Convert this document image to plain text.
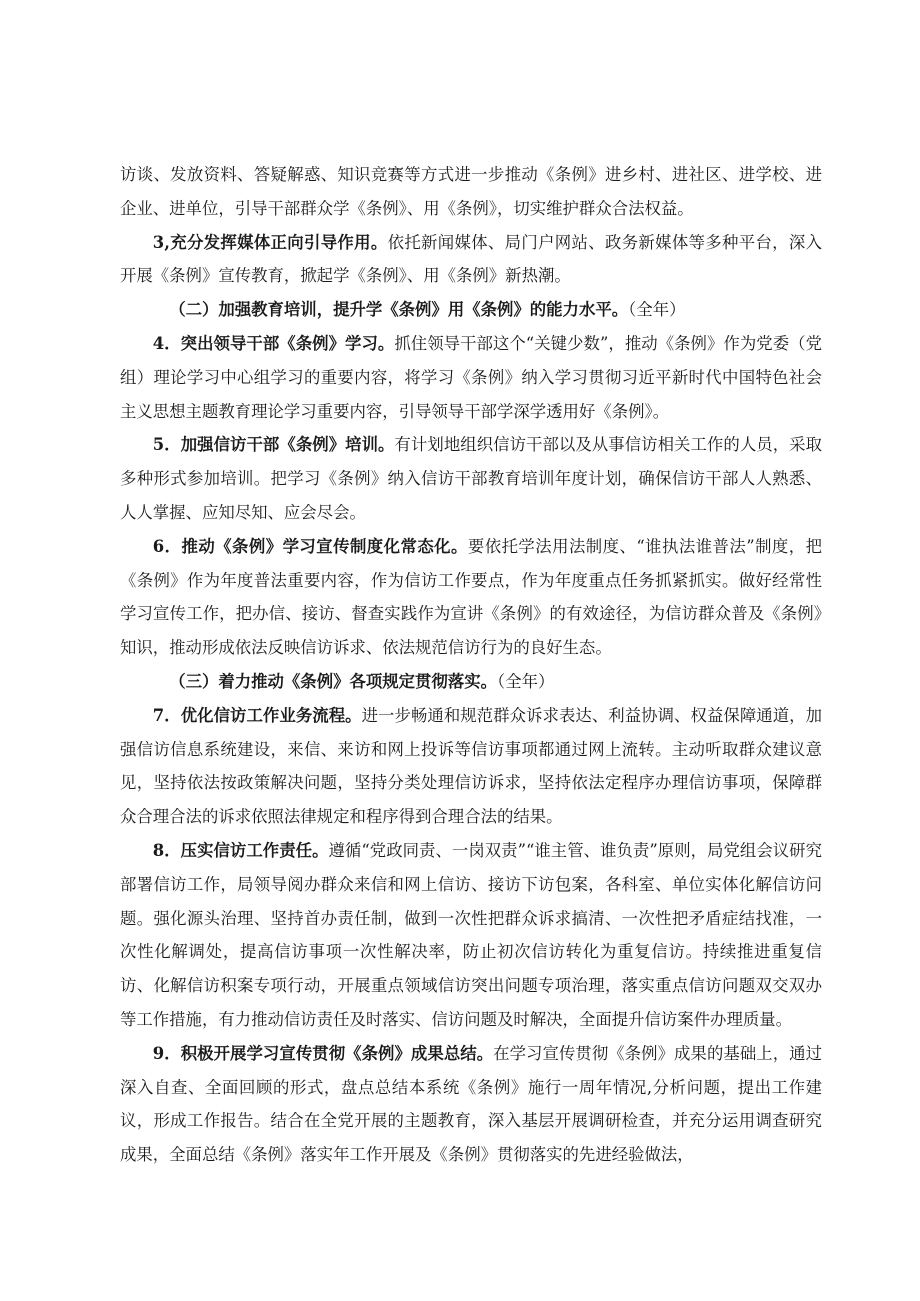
访谈、发放资料、答疑解惑、知识竞赛等方式进一步推动《条例》进乡村、进社区、进学校、进企业、进单位，引导干部群众学《条例》、用《条例》，切实维护群众合法权益。

3,充分发挥媒体正向引导作用。依托新闻媒体、局门户网站、政务新媒体等多种平台，深入开展《条例》宣传教育，掀起学《条例》、用《条例》新热潮。

（二）加强教育培训，提升学《条例》用《条例》的能力水平。（全年）

4．突出领导干部《条例》学习。抓住领导干部这个“关键少数”，推动《条例》作为党委（党组）理论学习中心组学习的重要内容，将学习《条例》纳入学习贯彻习近平新时代中国特色社会主义思想主题教育理论学习重要内容，引导领导干部学深学透用好《条例》。

5．加强信访干部《条例》培训。有计划地组织信访干部以及从事信访相关工作的人员，采取多种形式参加培训。把学习《条例》纳入信访干部教育培训年度计划，确保信访干部人人熟悉、人人掌握、应知尽知、应会尽会。

6．推动《条例》学习宣传制度化常态化。要依托学法用法制度、“谁执法谁普法”制度，把《条例》作为年度普法重要内容，作为信访工作要点，作为年度重点任务抓紧抓实。做好经常性学习宣传工作，把办信、接访、督查实践作为宣讲《条例》的有效途径，为信访群众普及《条例》知识，推动形成依法反映信访诉求、依法规范信访行为的良好生态。

（三）着力推动《条例》各项规定贯彻落实。（全年）

7．优化信访工作业务流程。进一步畅通和规范群众诉求表达、利益协调、权益保障通道，加强信访信息系统建设，来信、来访和网上投诉等信访事项都通过网上流转。主动听取群众建议意见，坚持依法按政策解决问题，坚持分类处理信访诉求，坚持依法定程序办理信访事项，保障群众合理合法的诉求依照法律规定和程序得到合理合法的结果。

8．压实信访工作责任。遵循“党政同责、一岗双责”“谁主管、谁负责”原则，局党组会议研究部署信访工作，局领导阅办群众来信和网上信访、接访下访包案，各科室、单位实体化解信访问题。强化源头治理、坚持首办责任制，做到一次性把群众诉求搞清、一次性把矛盾症结找准，一次性化解调处，提高信访事项一次性解决率，防止初次信访转化为重复信访。持续推进重复信访、化解信访积案专项行动，开展重点领域信访突出问题专项治理，落实重点信访问题双交双办等工作措施，有力推动信访责任及时落实、信访问题及时解决，全面提升信访案件办理质量。

9．积极开展学习宣传贯彻《条例》成果总结。在学习宣传贯彻《条例》成果的基础上，通过深入自查、全面回顾的形式，盘点总结本系统《条例》施行一周年情况,分析问题，提出工作建议，形成工作报告。结合在全党开展的主题教育，深入基层开展调研检查，并充分运用调查研究成果，全面总结《条例》落实年工作开展及《条例》贯彻落实的先进经验做法，
